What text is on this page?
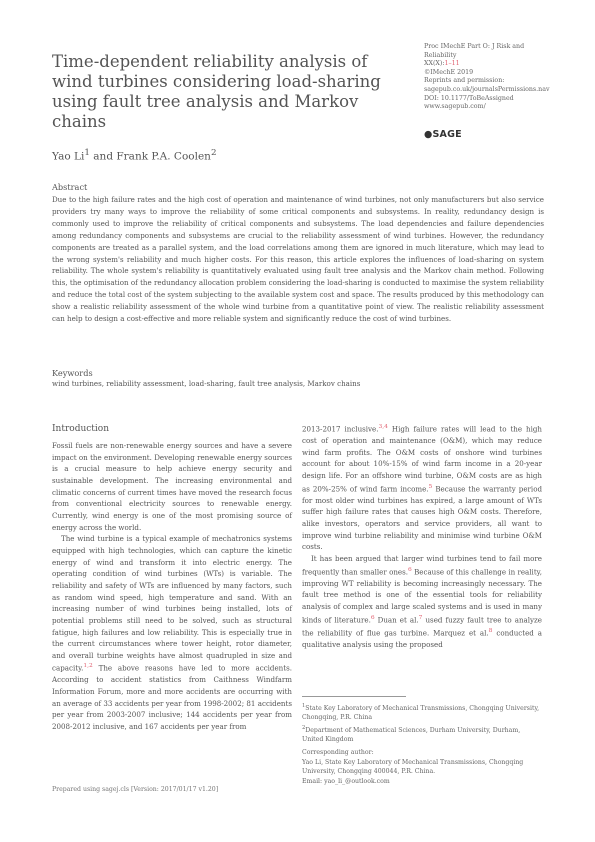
Time-dependent reliability analysis of wind turbines considering load-sharing using fault tree analysis and Markov chains
Yao Li$^1$ and Frank P.A. Coolen$^2$
Proc IMechE Part O: J Risk and
Reliability
XX(X):1–11
©IMechE 2019
Reprints and permission:
sagepub.co.uk/journalsPermissions.nav
DOI: 10.1177/ToBeAssigned
www.sagepub.com/
●SAGE
Abstract
Due to the high failure rates and the high cost of operation and maintenance of wind turbines, not only manufacturers but also service providers try many ways to improve the reliability of some critical components and subsystems. In reality, redundancy design is commonly used to improve the reliability of critical components and subsystems. The load dependencies and failure dependencies among redundancy components and subsystems are crucial to the reliability assessment of wind turbines. However, the redundancy components are treated as a parallel system, and the load correlations among them are ignored in much literature, which may lead to the wrong system's reliability and much higher costs. For this reason, this article explores the influences of load-sharing on system reliability. The whole system's reliability is quantitatively evaluated using fault tree analysis and the Markov chain method. Following this, the optimisation of the redundancy allocation problem considering the load-sharing is conducted to maximise the system reliability and reduce the total cost of the system subjecting to the available system cost and space. The results produced by this methodology can show a realistic reliability assessment of the whole wind turbine from a quantitative point of view. The realistic reliability assessment can help to design a cost-effective and more reliable system and significantly reduce the cost of wind turbines.
Keywords
wind turbines, reliability assessment, load-sharing, fault tree analysis, Markov chains
Introduction

Fossil fuels are non-renewable energy sources and have a severe impact on the environment. Developing renewable energy sources is a crucial measure to help achieve energy security and sustainable development. The increasing environmental and climatic concerns of current times have moved the research focus from conventional electricity sources to renewable energy. Currently, wind energy is one of the most promising source of energy across the world.

The wind turbine is a typical example of mechatronics systems equipped with high technologies, which can capture the kinetic energy of wind and transform it into electric energy. The operating condition of wind turbines (WTs) is variable. The reliability and safety of WTs are influenced by many factors, such as random wind speed, high temperature and sand. With an increasing number of wind turbines being installed, lots of potential problems still need to be solved, such as structural fatigue, high failures and low reliability. This is especially true in the current circumstances where tower height, rotor diameter, and overall turbine weights have almost quadrupled in size and capacity.$^{1,2}$ The above reasons have led to more accidents. According to accident statistics from Caithness Windfarm Information Forum, more and more accidents are occurring with an average of 33 accidents per year from 1998-2002; 81 accidents per year from 2003-2007 inclusive; 144 accidents per year from 2008-2012 inclusive, and 167 accidents per year from

2013-2017 inclusive.$^{3,4}$ High failure rates will lead to the high cost of operation and maintenance (O&M), which may reduce wind farm profits. The O&M costs of onshore wind turbines account for about 10%-15% of wind farm income in a 20-year design life. For an offshore wind turbine, O&M costs are as high as 20%-25% of wind farm income.$^5$ Because the warranty period for most older wind turbines has expired, a large amount of WTs suffer high failure rates that causes high O&M costs. Therefore, alike investors, operators and service providers, all want to improve wind turbine reliability and minimise wind turbine O&M costs.

It has been argued that larger wind turbines tend to fail more frequently than smaller ones.$^6$ Because of this challenge in reality, improving WT reliability is becoming increasingly necessary. The fault tree method is one of the essential tools for reliability analysis of complex and large scaled systems and is used in many kinds of literature.$^6$ Duan et al.$^7$ used fuzzy fault tree to analyze the reliability of flue gas turbine. Marquez et al.$^8$ conducted a qualitative analysis using the proposed

$^1$State Key Laboratory of Mechanical Transmissions, Chongqing University, Chongqing, P.R. China
$^2$Department of Mathematical Sciences, Durham University, Durham, United Kingdom
Corresponding author:
Yao Li, State Key Laboratory of Mechanical Transmissions, Chongqing University, Chongqing 400044, P.R. China.
Email: yao_li_@outlook.com
Prepared using sagej.cls [Version: 2017/01/17 v1.20]
